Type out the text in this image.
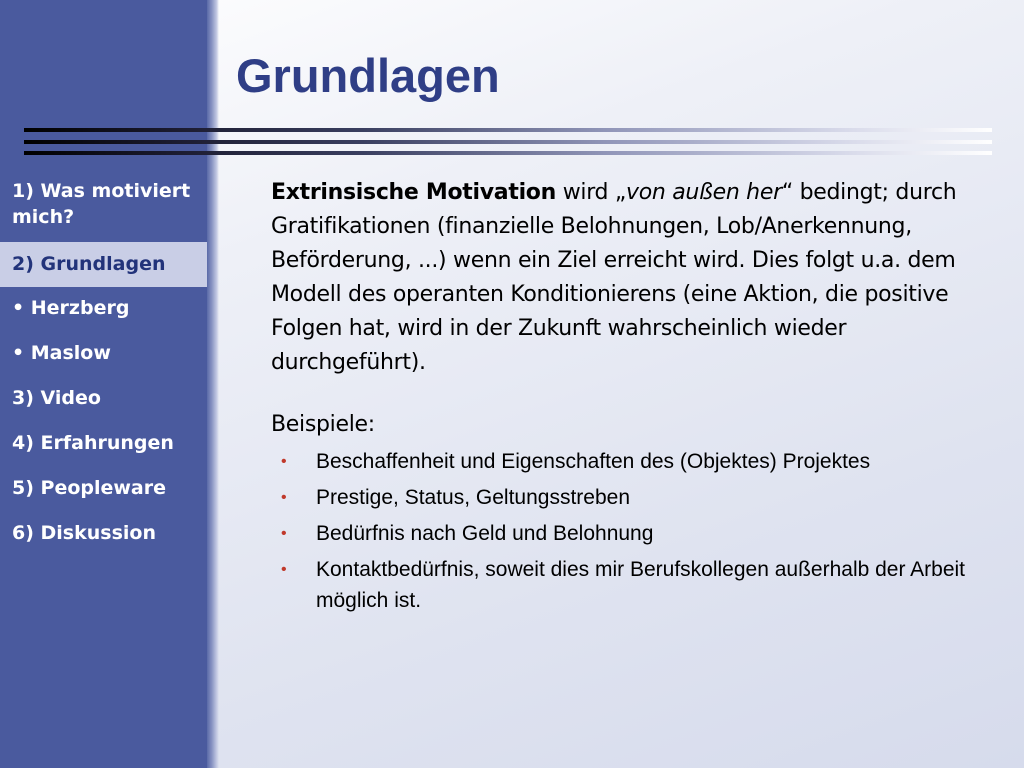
1) Was motiviert mich?
2) Grundlagen
• Herzberg
• Maslow
3) Video
4) Erfahrungen
5) Peopleware
6) Diskussion
Grundlagen

Extrinsische Motivation wird „von außen her“ bedingt; durch Gratifikationen (finanzielle Belohnungen, Lob/Anerkennung, Beförderung, ...) wenn ein Ziel erreicht wird. Dies folgt u.a. dem Modell des operanten Konditionierens (eine Aktion, die positive Folgen hat, wird in der Zukunft wahrscheinlich wieder durchgeführt).

Beispiele:

• Beschaffenheit und Eigenschaften des (Objektes) Projektes
• Prestige, Status, Geltungsstreben
• Bedürfnis nach Geld und Belohnung
• Kontaktbedürfnis, soweit dies mir Berufskollegen außerhalb der Arbeit möglich ist.
